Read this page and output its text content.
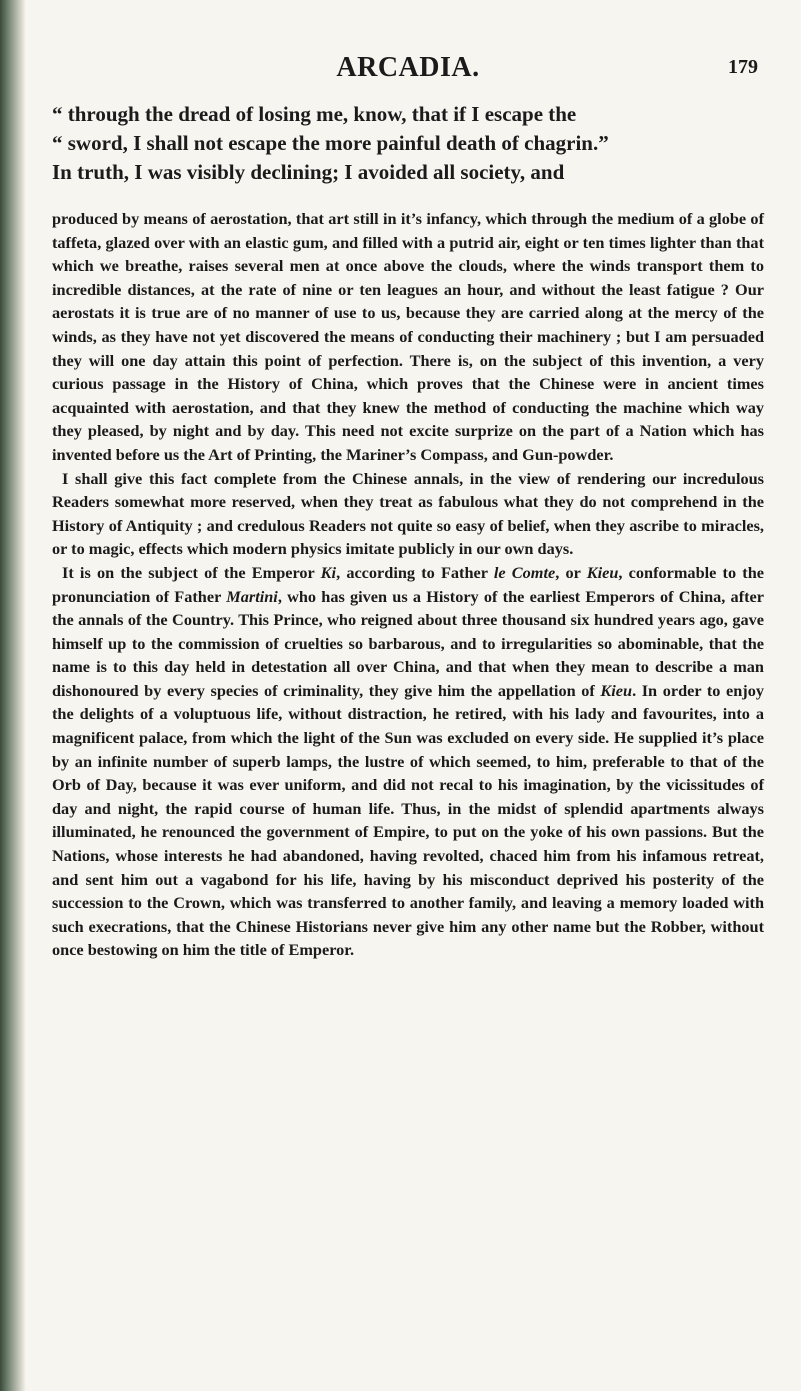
ARCADIA.	179

“ through the dread of losing me, know, that if I escape the

“ sword, I shall not escape the more painful death of chagrin.”

In truth, I was visibly declining; I avoided all society, and

produced by means of aerostation, that art still in it’s infancy, which through the medium of a globe of taffeta, glazed over with an elastic gum, and filled with a putrid air, eight or ten times lighter than that which we breathe, raises several men at once above the clouds, where the winds transport them to incredible distances, at the rate of nine or ten leagues an hour, and without the least fatigue ? Our aerostats it is true are of no manner of use to us, because they are carried along at the mercy of the winds, as they have not yet discovered the means of conducting their machinery ; but I am persuaded they will one day attain this point of perfection. There is, on the subject of this invention, a very curious passage in the History of China, which proves that the Chinese were in ancient times acquainted with aerostation, and that they knew the method of conducting the machine which way they pleased, by night and by day. This need not excite surprize on the part of a Nation which has invented before us the Art of Printing, the Mariner’s Compass, and Gun-powder.

I shall give this fact complete from the Chinese annals, in the view of rendering our incredulous Readers somewhat more reserved, when they treat as fabulous what they do not comprehend in the History of Antiquity ; and credulous Readers not quite so easy of belief, when they ascribe to miracles, or to magic, effects which modern physics imitate publicly in our own days.

It is on the subject of the Emperor Ki, according to Father le Comte, or Kieu, conformable to the pronunciation of Father Martini, who has given us a History of the earliest Emperors of China, after the annals of the Country. This Prince, who reigned about three thousand six hundred years ago, gave himself up to the commission of cruelties so barbarous, and to irregularities so abominable, that the name is to this day held in detestation all over China, and that when they mean to describe a man dishonoured by every species of criminality, they give him the appellation of Kieu. In order to enjoy the delights of a voluptuous life, without distraction, he retired, with his lady and favourites, into a magnificent palace, from which the light of the Sun was excluded on every side. He supplied it’s place by an infinite number of superb lamps, the lustre of which seemed, to him, preferable to that of the Orb of Day, because it was ever uniform, and did not recal to his imagination, by the vicissitudes of day and night, the rapid course of human life. Thus, in the midst of splendid apartments always illuminated, he renounced the government of Empire, to put on the yoke of his own passions. But the Nations, whose interests he had abandoned, having revolted, chaced him from his infamous retreat, and sent him out a vagabond for his life, having by his misconduct deprived his posterity of the succession to the Crown, which was transferred to another family, and leaving a memory loaded with such execrations, that the Chinese Historians never give him any other name but the Robber, without once bestowing on him the title of Emperor.
